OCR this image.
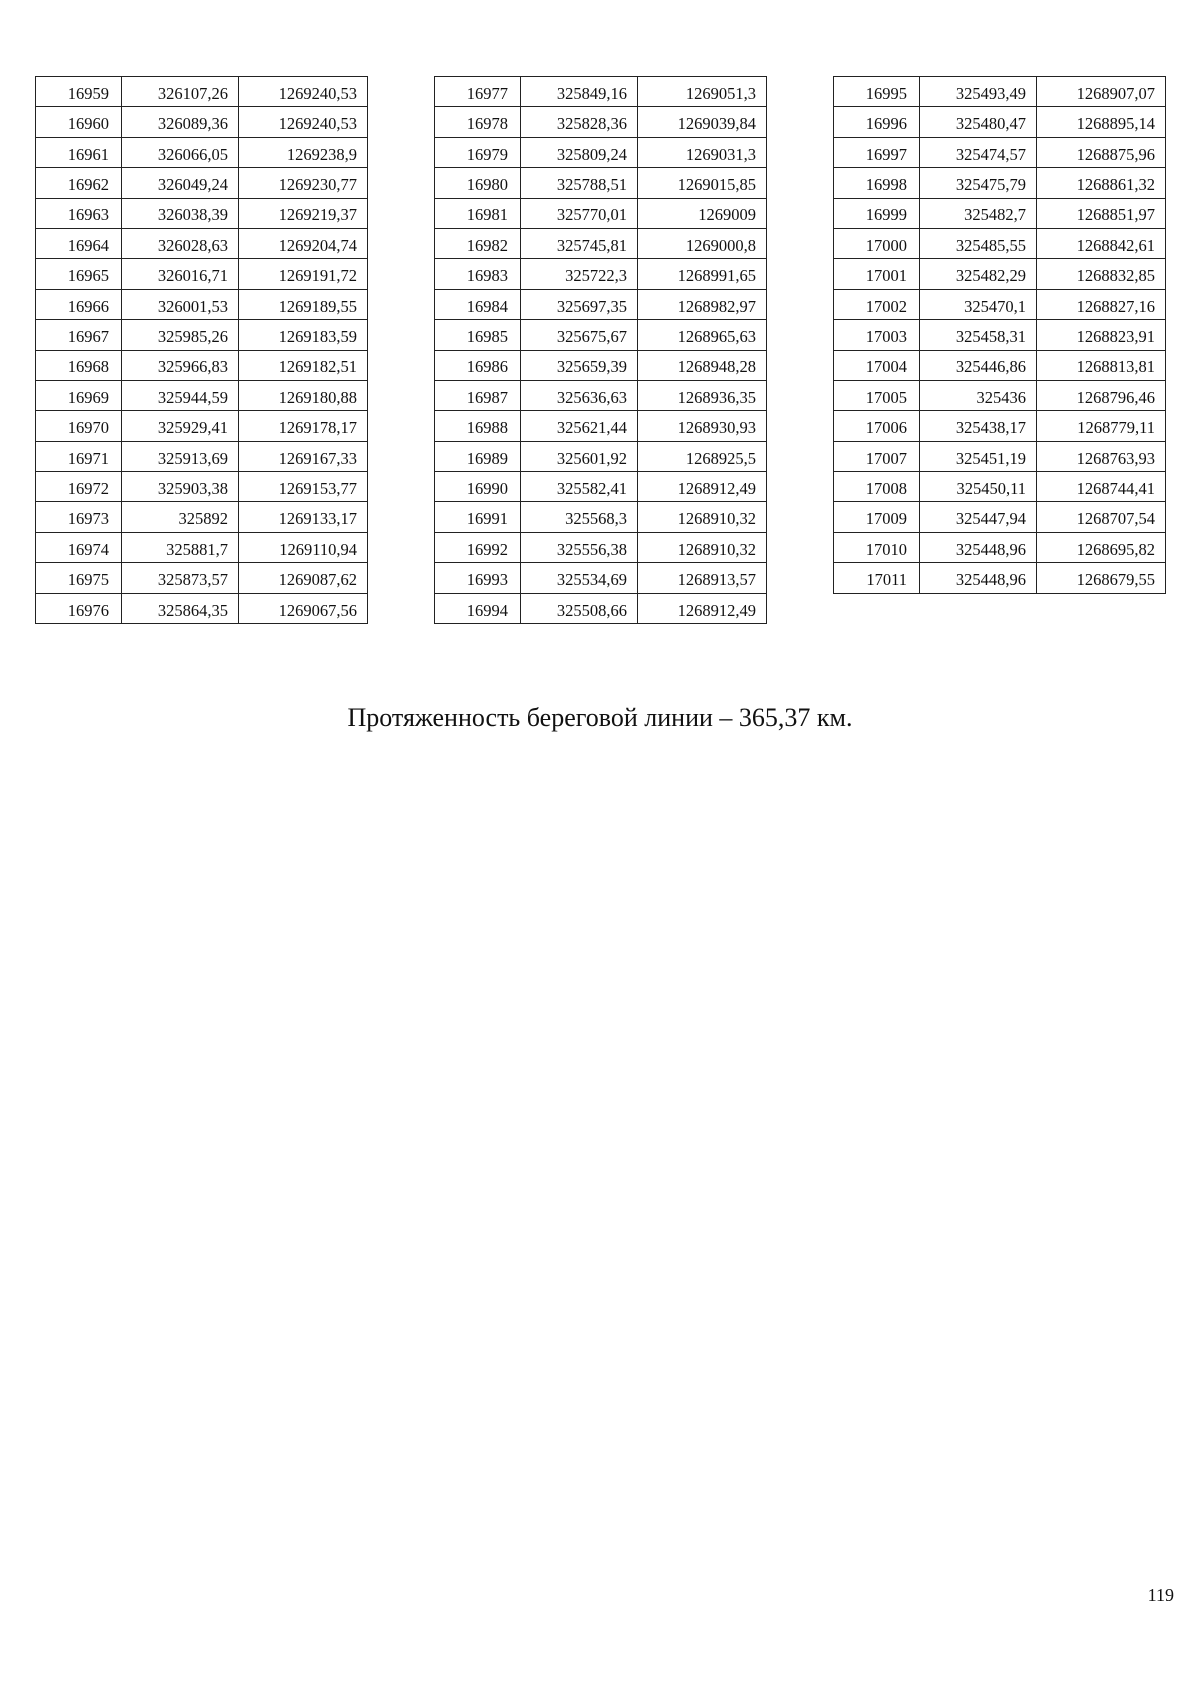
16959	326107,26	1269240,53
16960	326089,36	1269240,53
16961	326066,05	1269238,9
16962	326049,24	1269230,77
16963	326038,39	1269219,37
16964	326028,63	1269204,74
16965	326016,71	1269191,72
16966	326001,53	1269189,55
16967	325985,26	1269183,59
16968	325966,83	1269182,51
16969	325944,59	1269180,88
16970	325929,41	1269178,17
16971	325913,69	1269167,33
16972	325903,38	1269153,77
16973	325892	1269133,17
16974	325881,7	1269110,94
16975	325873,57	1269087,62
16976	325864,35	1269067,56
16977	325849,16	1269051,3
16978	325828,36	1269039,84
16979	325809,24	1269031,3
16980	325788,51	1269015,85
16981	325770,01	1269009
16982	325745,81	1269000,8
16983	325722,3	1268991,65
16984	325697,35	1268982,97
16985	325675,67	1268965,63
16986	325659,39	1268948,28
16987	325636,63	1268936,35
16988	325621,44	1268930,93
16989	325601,92	1268925,5
16990	325582,41	1268912,49
16991	325568,3	1268910,32
16992	325556,38	1268910,32
16993	325534,69	1268913,57
16994	325508,66	1268912,49
16995	325493,49	1268907,07
16996	325480,47	1268895,14
16997	325474,57	1268875,96
16998	325475,79	1268861,32
16999	325482,7	1268851,97
17000	325485,55	1268842,61
17001	325482,29	1268832,85
17002	325470,1	1268827,16
17003	325458,31	1268823,91
17004	325446,86	1268813,81
17005	325436	1268796,46
17006	325438,17	1268779,11
17007	325451,19	1268763,93
17008	325450,11	1268744,41
17009	325447,94	1268707,54
17010	325448,96	1268695,82
17011	325448,96	1268679,55
Протяженность береговой линии – 365,37 км.
119
